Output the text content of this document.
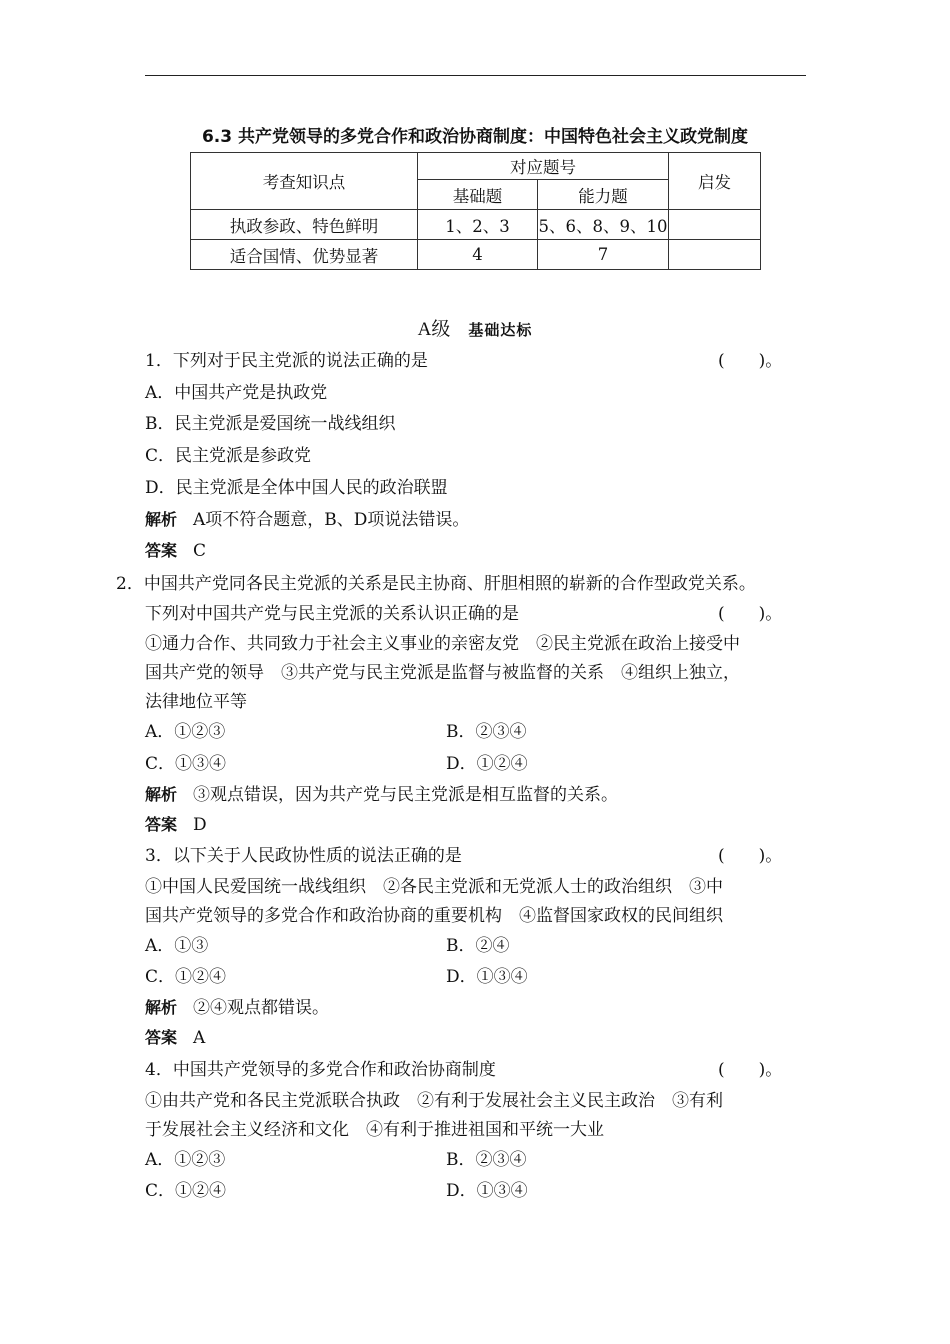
6.3 共产党领导的多党合作和政治协商制度：中国特色社会主义政党制度
考查知识点	对应题号		启发
	基础题	能力题	
执政参政、特色鲜明	1、2、3	5、6、8、9、10	
适合国情、优势显著	4	7	
A级 基础达标
1．下列对于民主党派的说法正确的是	(　　)。
A．中国共产党是执政党
B．民主党派是爱国统一战线组织
C．民主党派是参政党
D．民主党派是全体中国人民的政治联盟
解析 A项不符合题意，B、D项说法错误。
答案 C
2．中国共产党同各民主党派的关系是民主协商、肝胆相照的崭新的合作型政党关系。
下列对中国共产党与民主党派的关系认识正确的是	(　　)。
①通力合作、共同致力于社会主义事业的亲密友党　②民主党派在政治上接受中
国共产党的领导　③共产党与民主党派是监督与被监督的关系　④组织上独立，
法律地位平等
A．①②③	B．②③④
C．①③④	D．①②④
解析 ③观点错误，因为共产党与民主党派是相互监督的关系。
答案 D
3．以下关于人民政协性质的说法正确的是	(　　)。
①中国人民爱国统一战线组织　②各民主党派和无党派人士的政治组织　③中
国共产党领导的多党合作和政治协商的重要机构　④监督国家政权的民间组织
A．①③	B．②④
C．①②④	D．①③④
解析 ②④观点都错误。
答案 A
4．中国共产党领导的多党合作和政治协商制度	(　　)。
①由共产党和各民主党派联合执政　②有利于发展社会主义民主政治　③有利
于发展社会主义经济和文化　④有利于推进祖国和平统一大业
A．①②③	B．②③④
C．①②④	D．①③④
